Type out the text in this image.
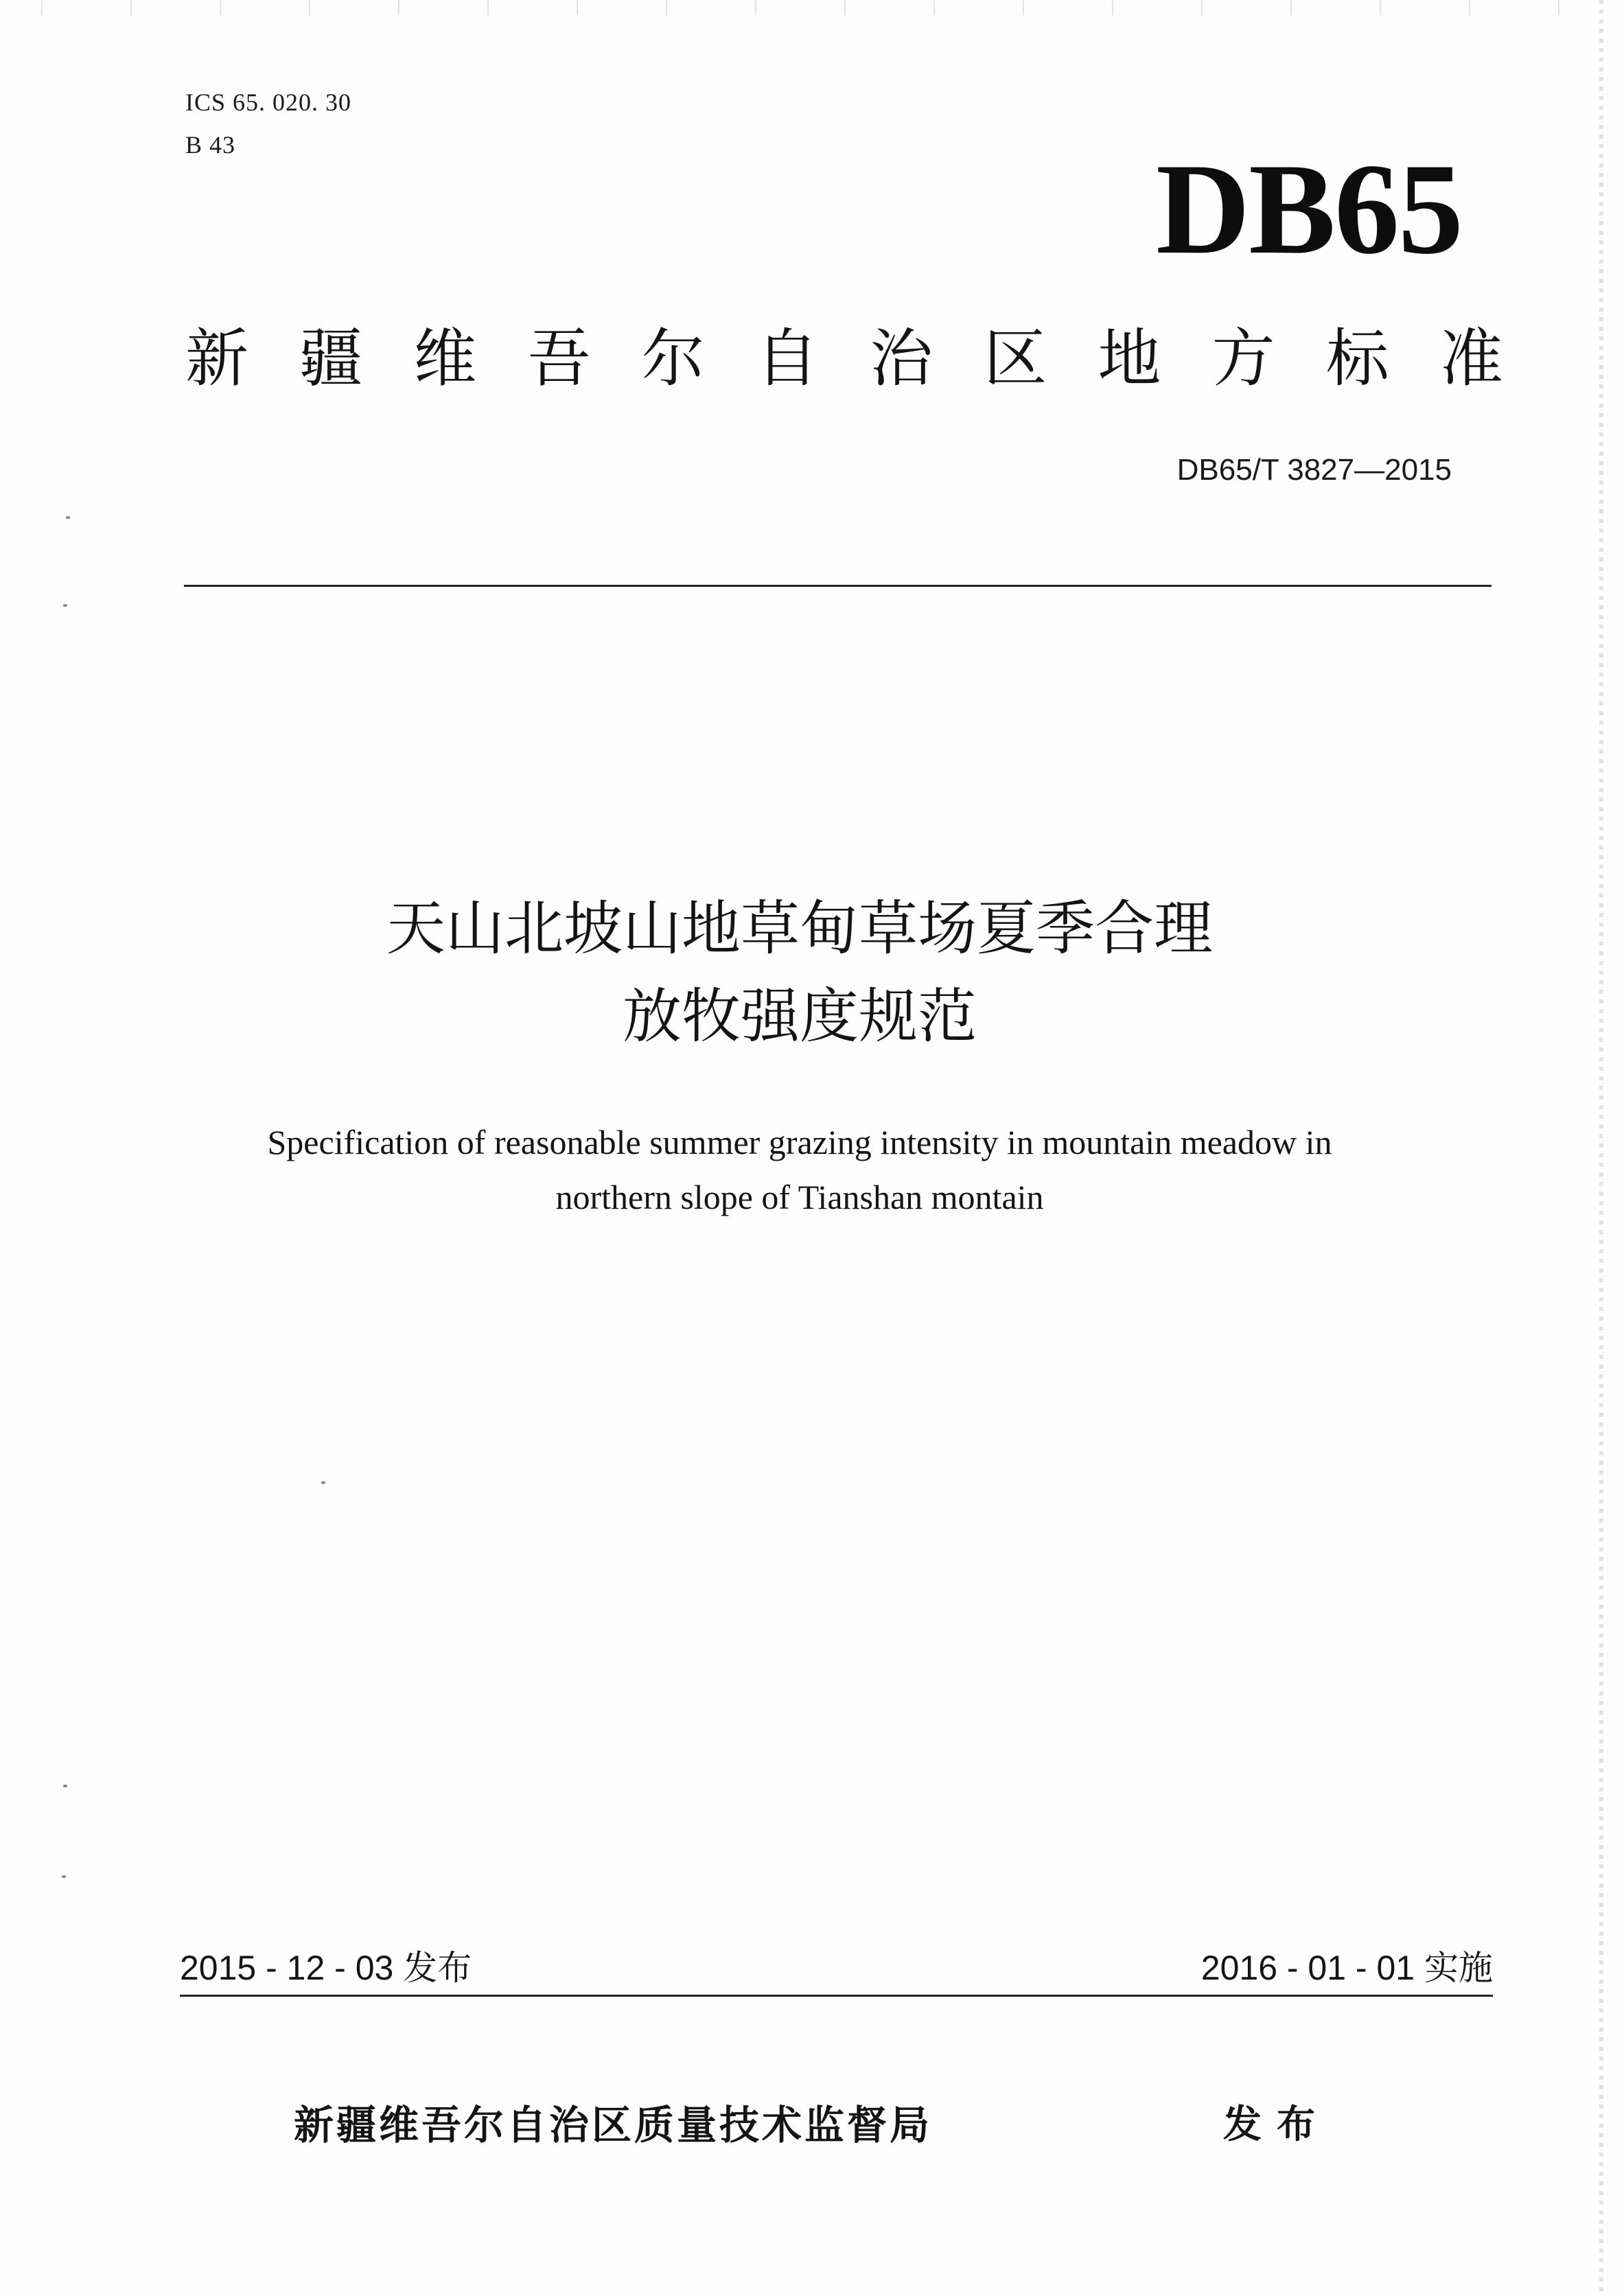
ICS 65. 020. 30
B 43	DB65
新 疆 维 吾 尔 自 治 区 地 方 标 准
DB65/T 3827—2015
天山北坡山地草甸草场夏季合理
放牧强度规范
Specification of reasonable summer grazing intensity in mountain meadow in
northern slope of Tianshan montain
2015 - 12 - 03 发布	2016 - 01 - 01 实施
新疆维吾尔自治区质量技术监督局	发布
